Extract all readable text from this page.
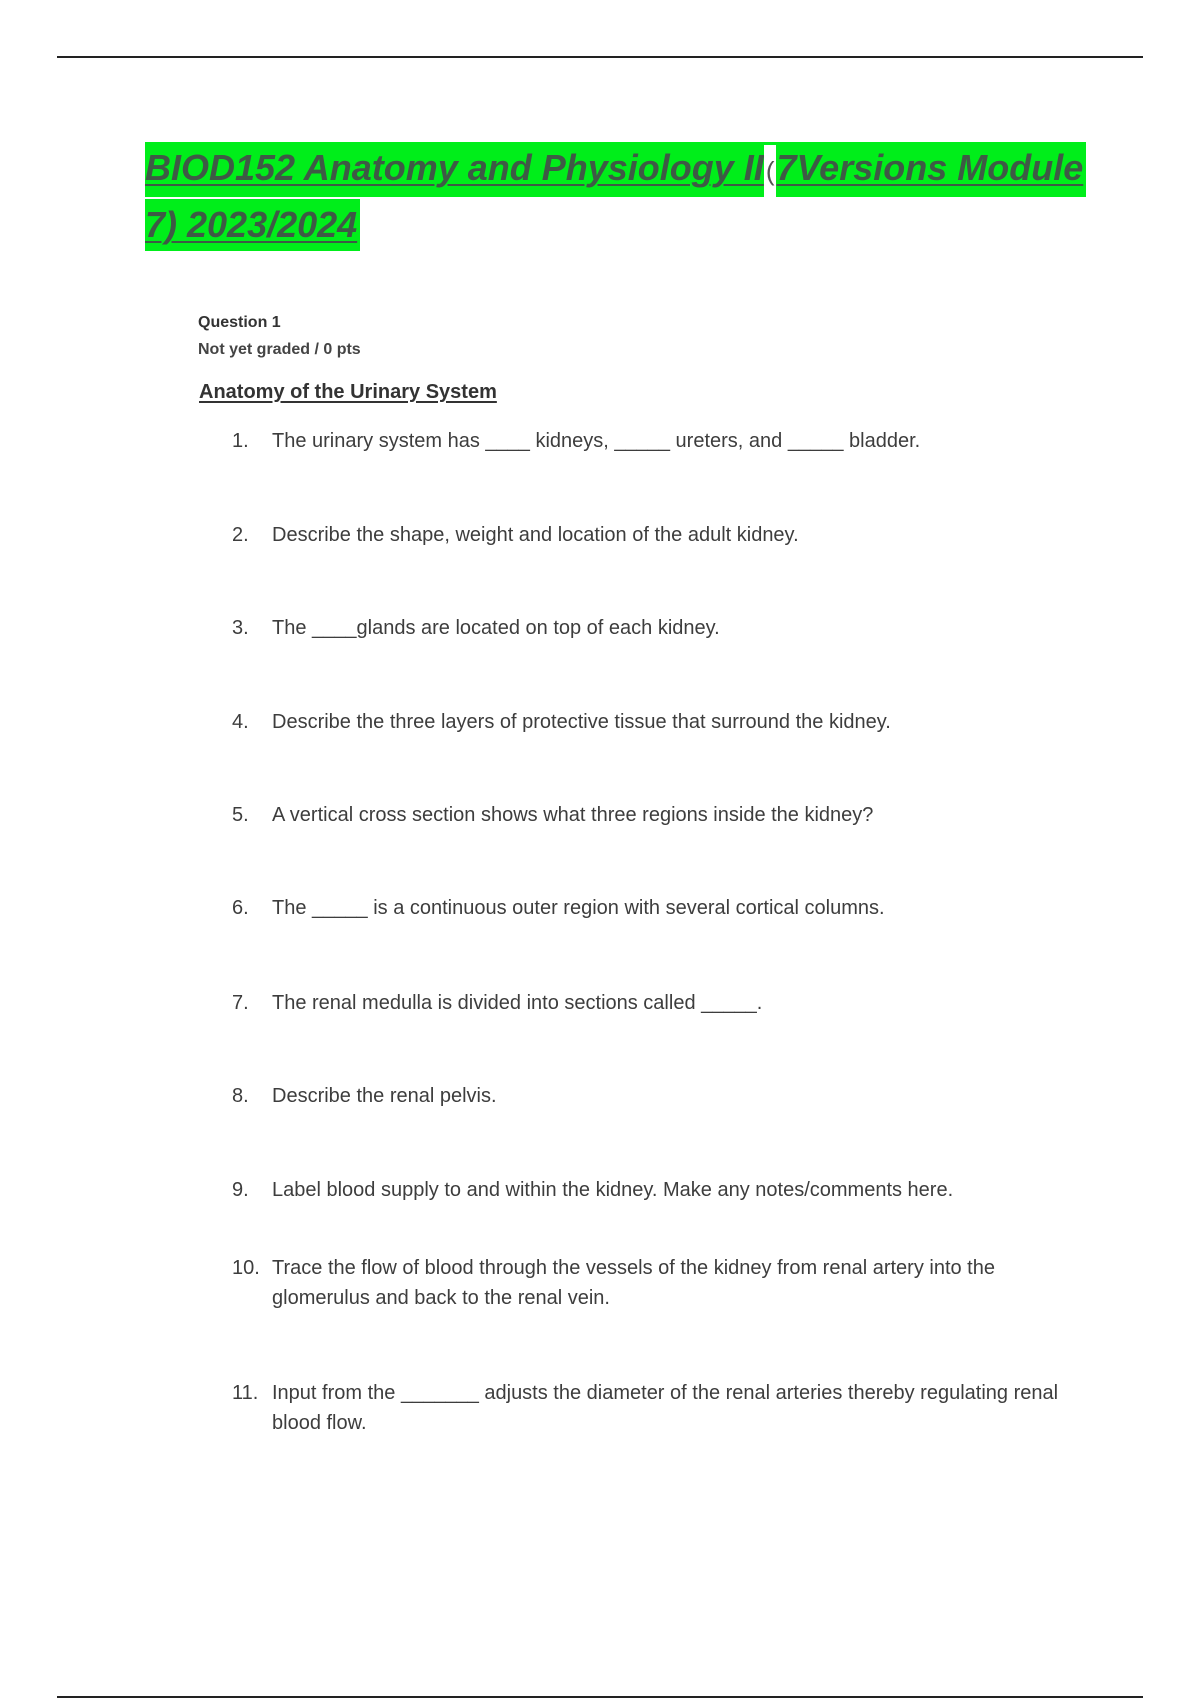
BIOD152 Anatomy and Physiology II(7Versions Module
7) 2023/2024
Question 1
Not yet graded / 0 pts
Anatomy of the Urinary System
1.	The urinary system has ____ kidneys, _____ ureters, and _____ bladder.
2.	Describe the shape, weight and location of the adult kidney.
3.	The ____glands are located on top of each kidney.
4.	Describe the three layers of protective tissue that surround the kidney.
5.	A vertical cross section shows what three regions inside the kidney?
6.	The _____ is a continuous outer region with several cortical columns.
7.	The renal medulla is divided into sections called _____.
8.	Describe the renal pelvis.
9.	Label blood supply to and within the kidney. Make any notes/comments here.
10. Trace the flow of blood through the vessels of the kidney from renal artery into the glomerulus and back to the renal vein.
11. Input from the _______ adjusts the diameter of the renal arteries thereby regulating renal blood flow.
